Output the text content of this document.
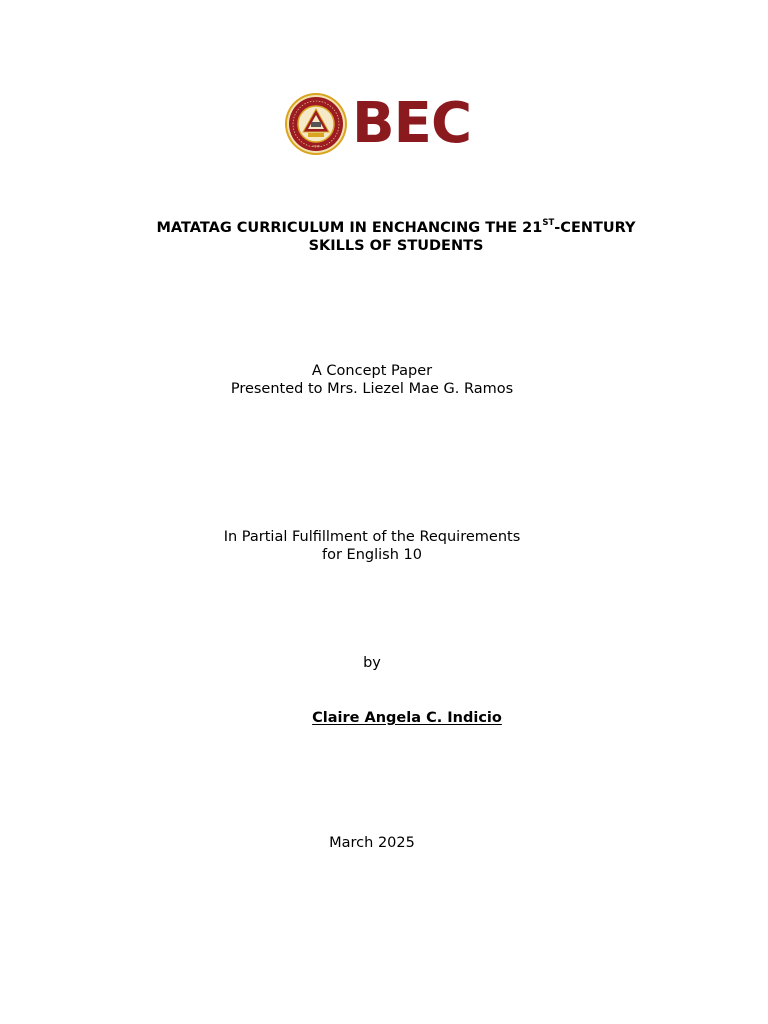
1946 BEC
MATATAG CURRICULUM IN ENCHANCING THE 21ST-CENTURY
SKILLS OF STUDENTS
A Concept Paper
Presented to Mrs. Liezel Mae G. Ramos
In Partial Fulfillment of the Requirements
for English 10
by
Claire Angela C. Indicio
March 2025
